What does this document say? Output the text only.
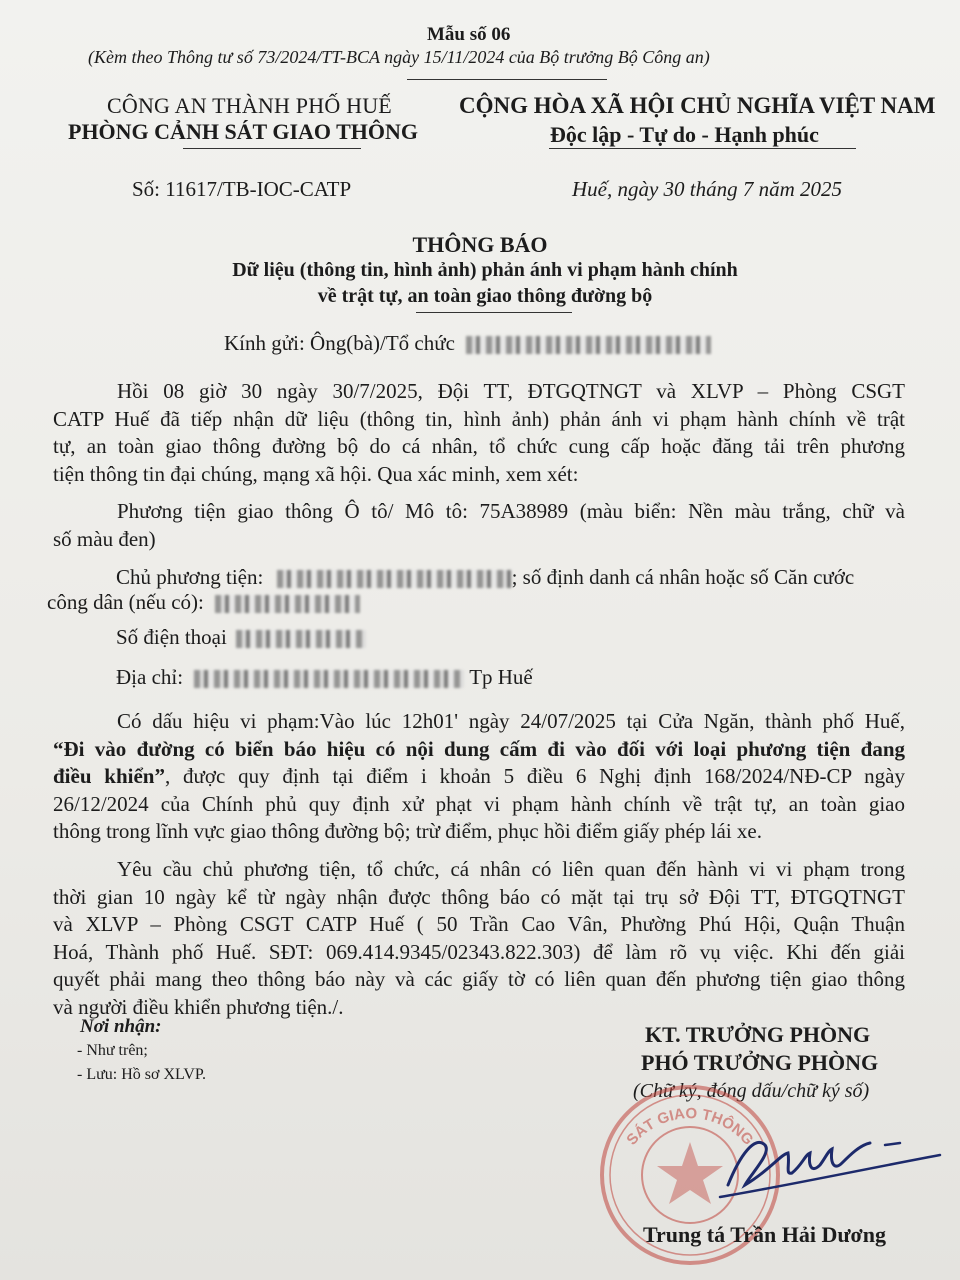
Mẫu số 06
(Kèm theo Thông tư số 73/2024/TT-BCA ngày 15/11/2024 của Bộ trưởng Bộ Công an)
CÔNG AN THÀNH PHỐ HUẾ
PHÒNG CẢNH SÁT GIAO THÔNG
CỘNG HÒA XÃ HỘI CHỦ NGHĨA VIỆT NAM
Độc lập - Tự do - Hạnh phúc
Số: 11617/TB-IOC-CATP	Huế, ngày 30 tháng 7 năm 2025
THÔNG BÁO
Dữ liệu (thông tin, hình ảnh) phản ánh vi phạm hành chính
về trật tự, an toàn giao thông đường bộ
Kính gửi: Ông(bà)/Tổ chức
Hồi 08 giờ 30 ngày 30/7/2025, Đội TT, ĐTGQTNGT và XLVP – Phòng CSGT
CATP Huế đã tiếp nhận dữ liệu (thông tin, hình ảnh) phản ánh vi phạm hành chính về trật
tự, an toàn giao thông đường bộ do cá nhân, tổ chức cung cấp hoặc đăng tải trên phương
tiện thông tin đại chúng, mạng xã hội. Qua xác minh, xem xét:
Phương tiện giao thông Ô tô/ Mô tô: 75A38989 (màu biển: Nền màu trắng, chữ và
số màu đen)
Chủ phương tiện:	; số định danh cá nhân hoặc số Căn cước
công dân (nếu có):
Số điện thoại
Địa chỉ:	Tp Huế
Có dấu hiệu vi phạm:Vào lúc 12h01' ngày 24/07/2025 tại Cửa Ngăn, thành phố Huế,
“Đi vào đường có biển báo hiệu có nội dung cấm đi vào đối với loại phương tiện đang
điều khiển”, được quy định tại điểm i khoản 5 điều 6 Nghị định 168/2024/NĐ-CP ngày
26/12/2024 của Chính phủ quy định xử phạt vi phạm hành chính về trật tự, an toàn giao
thông trong lĩnh vực giao thông đường bộ; trừ điểm, phục hồi điểm giấy phép lái xe.
Yêu cầu chủ phương tiện, tổ chức, cá nhân có liên quan đến hành vi vi phạm trong
thời gian 10 ngày kể từ ngày nhận được thông báo có mặt tại trụ sở Đội TT, ĐTGQTNGT
và XLVP – Phòng CSGT CATP Huế ( 50 Trần Cao Vân, Phường Phú Hội, Quận Thuận
Hoá, Thành phố Huế. SĐT: 069.414.9345/02343.822.303) để làm rõ vụ việc. Khi đến giải
quyết phải mang theo thông báo này và các giấy tờ có liên quan đến phương tiện giao thông
và người điều khiển phương tiện./.
Nơi nhận:
- Như trên;
- Lưu: Hồ sơ XLVP.
KT. TRƯỞNG PHÒNG
PHÓ TRƯỞNG PHÒNG
(Chữ ký, đóng dấu/chữ ký số)
SÁT GIAO THÔNG
Trung tá Trần Hải Dương
